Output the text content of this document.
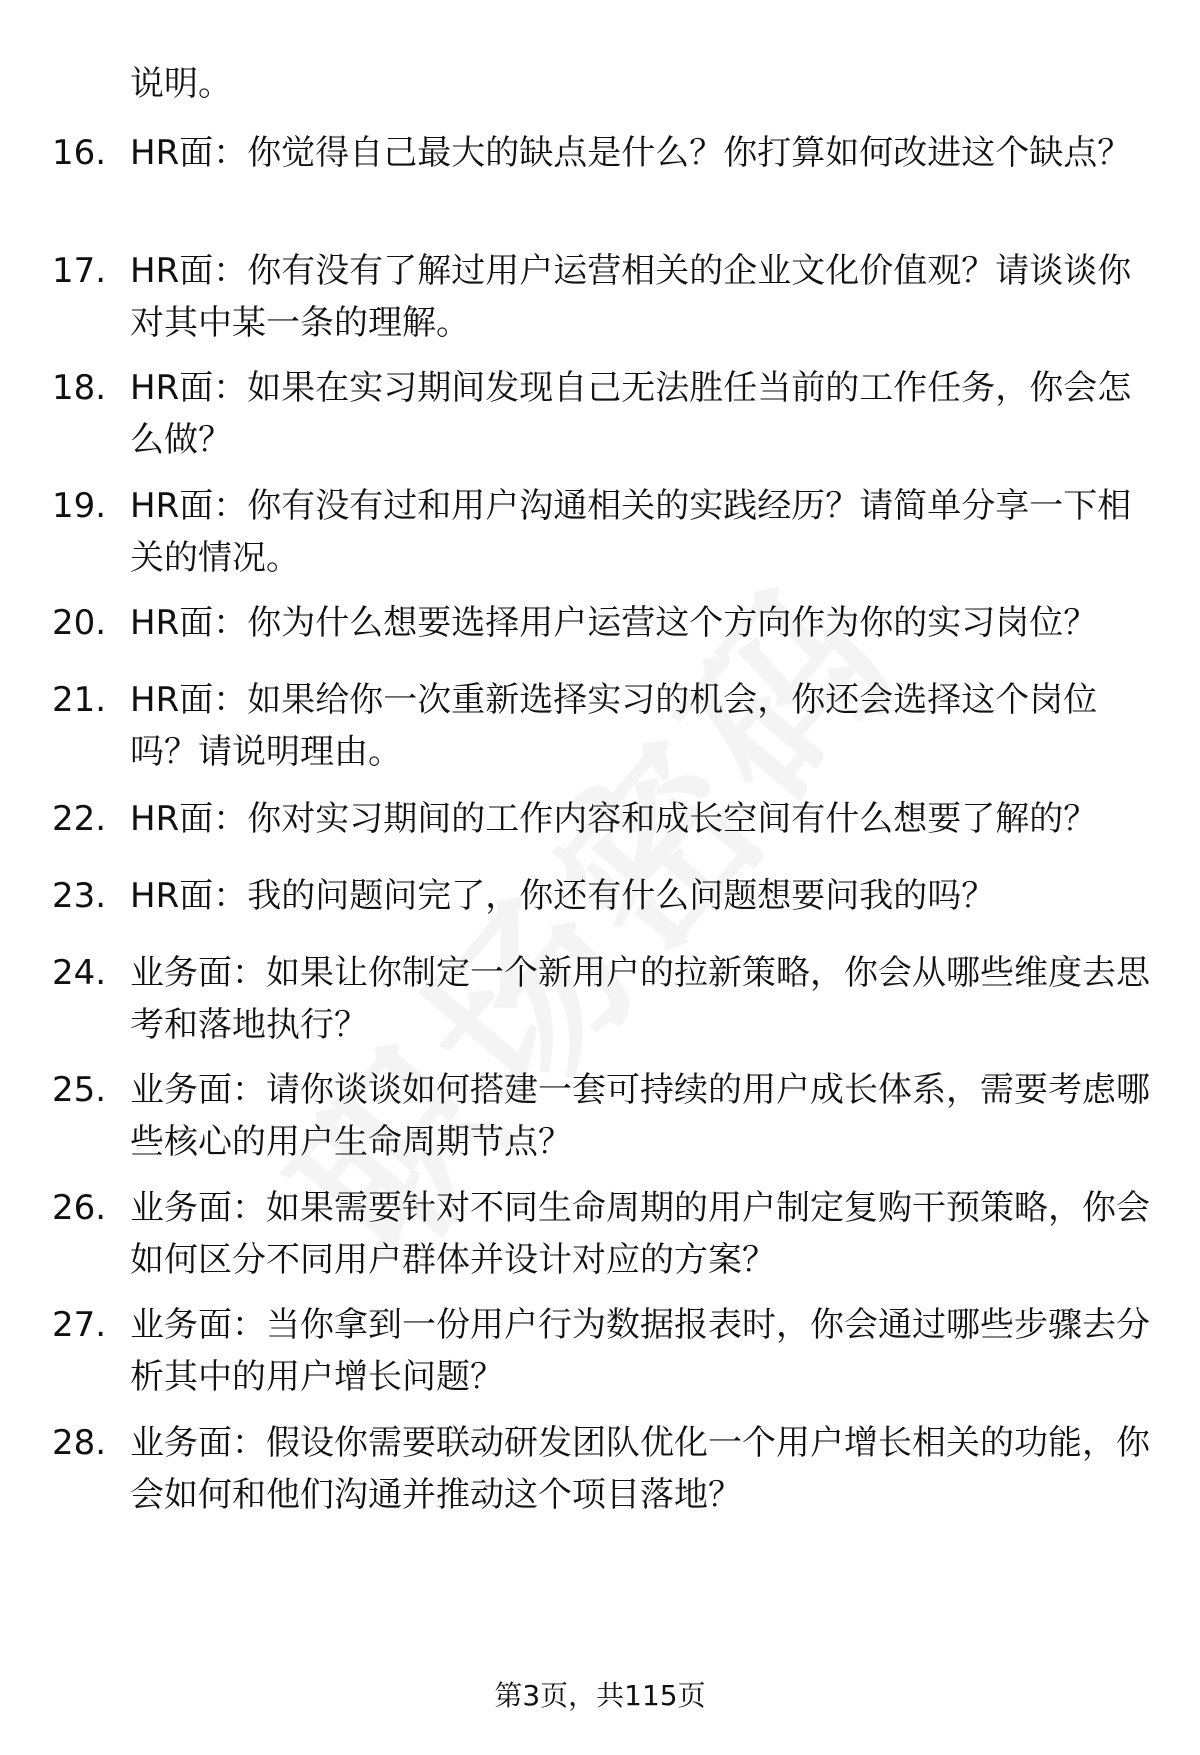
说明。

16. HR面：你觉得自己最大的缺点是什么？你打算如何改进这个缺点？

17. HR面：你有没有了解过用户运营相关的企业文化价值观？请谈谈你对其中某一条的理解。

18. HR面：如果在实习期间发现自己无法胜任当前的工作任务，你会怎么做？

19. HR面：你有没有过和用户沟通相关的实践经历？请简单分享一下相关的情况。

20. HR面：你为什么想要选择用户运营这个方向作为你的实习岗位？

21. HR面：如果给你一次重新选择实习的机会，你还会选择这个岗位吗？请说明理由。

22. HR面：你对实习期间的工作内容和成长空间有什么想要了解的？

23. HR面：我的问题问完了，你还有什么问题想要问我的吗？

24. 业务面：如果让你制定一个新用户的拉新策略，你会从哪些维度去思考和落地执行？

25. 业务面：请你谈谈如何搭建一套可持续的用户成长体系，需要考虑哪些核心的用户生命周期节点？

26. 业务面：如果需要针对不同生命周期的用户制定复购干预策略，你会如何区分不同用户群体并设计对应的方案？

27. 业务面：当你拿到一份用户行为数据报表时，你会通过哪些步骤去分析其中的用户增长问题？

28. 业务面：假设你需要联动研发团队优化一个用户增长相关的功能，你会如何和他们沟通并推动这个项目落地？

第3页，共115页
